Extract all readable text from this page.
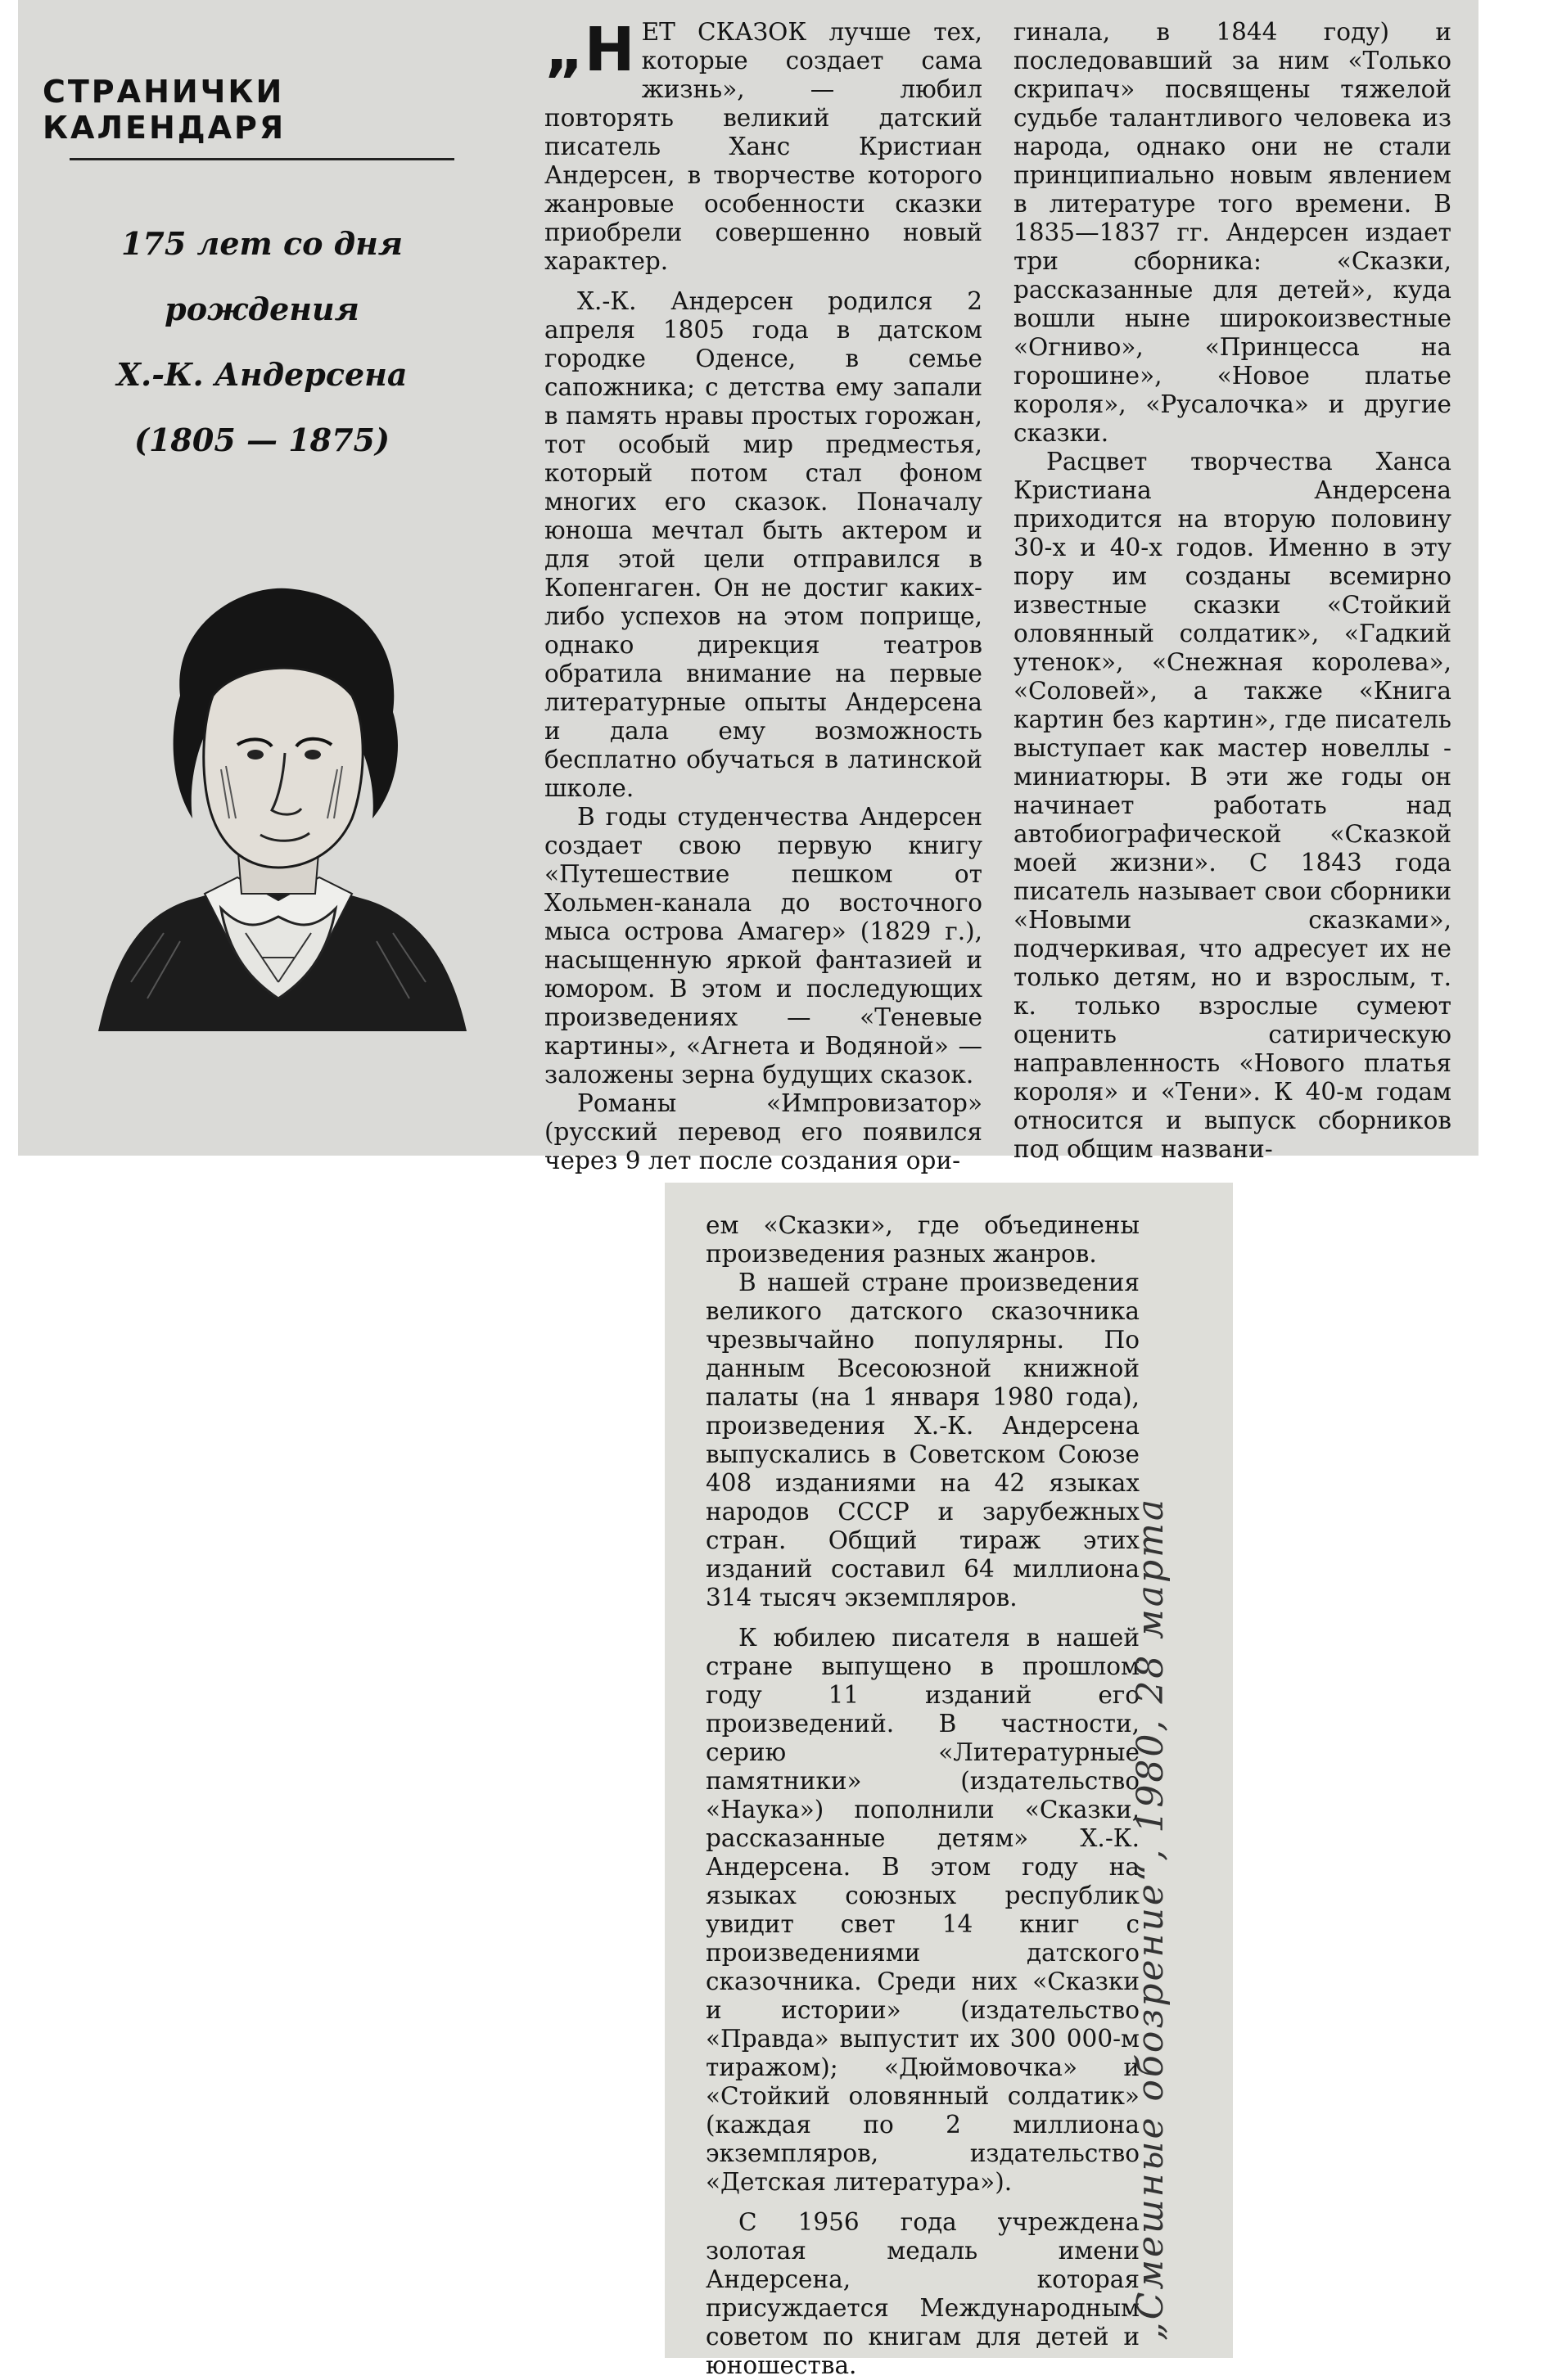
СТРАНИЧКИ КАЛЕНДАРЯ
175 лет со дня
рождения
Х.-К. Андерсена
(1805 — 1875)

„НЕТ СКАЗОК лучше тех, которые создает сама жизнь», — любил повторять великий датский писатель Ханс Кристиан Андерсен, в творчестве которого жанровые особенности сказки приобрели совершенно новый характер.

Х.-К. Андерсен родился 2 апреля 1805 года в датском городке Оденсе, в семье сапожника; с детства ему запали в память нравы простых горожан, тот особый мир предместья, который потом стал фоном многих его сказок. Поначалу юноша мечтал быть актером и для этой цели отправился в Копенгаген. Он не достиг каких-либо успехов на этом поприще, однако дирекция театров обратила внимание на первые литературные опыты Андерсена и дала ему возможность бесплатно обучаться в латинской школе.

В годы студенчества Андерсен создает свою первую книгу «Путешествие пешком от Хольмен-канала до восточного мыса острова Амагер» (1829 г.), насыщенную яркой фантазией и юмором. В этом и последующих произведениях — «Теневые картины», «Агнета и Водяной» — заложены зерна будущих сказок.

Романы «Импровизатор» (русский перевод его появился через 9 лет после создания ори-

гинала, в 1844 году) и последовавший за ним «Только скрипач» посвящены тяжелой судьбе талантливого человека из народа, однако они не стали принципиально новым явлением в литературе того времени. В 1835—1837 гг. Андерсен издает три сборника: «Сказки, рассказанные для детей», куда вошли ныне широкоизвестные «Огниво», «Принцесса на горошине», «Новое платье короля», «Русалочка» и другие сказки.

Расцвет творчества Ханса Кристиана Андерсена приходится на вторую половину 30-х и 40-х годов. Именно в эту пору им созданы всемирно известные сказки «Стойкий оловянный солдатик», «Гадкий утенок», «Снежная королева», «Соловей», а также «Книга картин без картин», где писатель выступает как мастер новеллы - миниатюры. В эти же годы он начинает работать над автобиографической «Сказкой моей жизни». С 1843 года писатель называет свои сборники «Новыми сказками», подчеркивая, что адресует их не только детям, но и взрослым, т. к. только взрослые сумеют оценить сатирическую направленность «Нового платья короля» и «Тени». К 40-м годам относится и выпуск сборников под общим названи-

ем «Сказки», где объединены произведения разных жанров.

В нашей стране произведения великого датского сказочника чрезвычайно популярны. По данным Всесоюзной книжной палаты (на 1 января 1980 года), произведения Х.-К. Андерсена выпускались в Советском Союзе 408 изданиями на 42 языках народов СССР и зарубежных стран. Общий тираж этих изданий составил 64 миллиона 314 тысяч экземпляров.

К юбилею писателя в нашей стране выпущено в прошлом году 11 изданий его произведений. В частности, серию «Литературные памятники» (издательство «Наука») пополнили «Сказки, рассказанные детям» Х.-К. Андерсена. В этом году на языках союзных республик увидит свет 14 книг с произведениями датского сказочника. Среди них «Сказки и истории» (издательство «Правда» выпустит их 300 000-м тиражом); «Дюймовочка» и «Стойкий оловянный солдатик» (каждая по 2 миллиона экземпляров, издательство «Детская литература»).

С 1956 года учреждена золотая медаль имени Андерсена, которая присуждается Международным советом по книгам для детей и юношества.

„Смешные обозрение“, 1980, 28 марта
